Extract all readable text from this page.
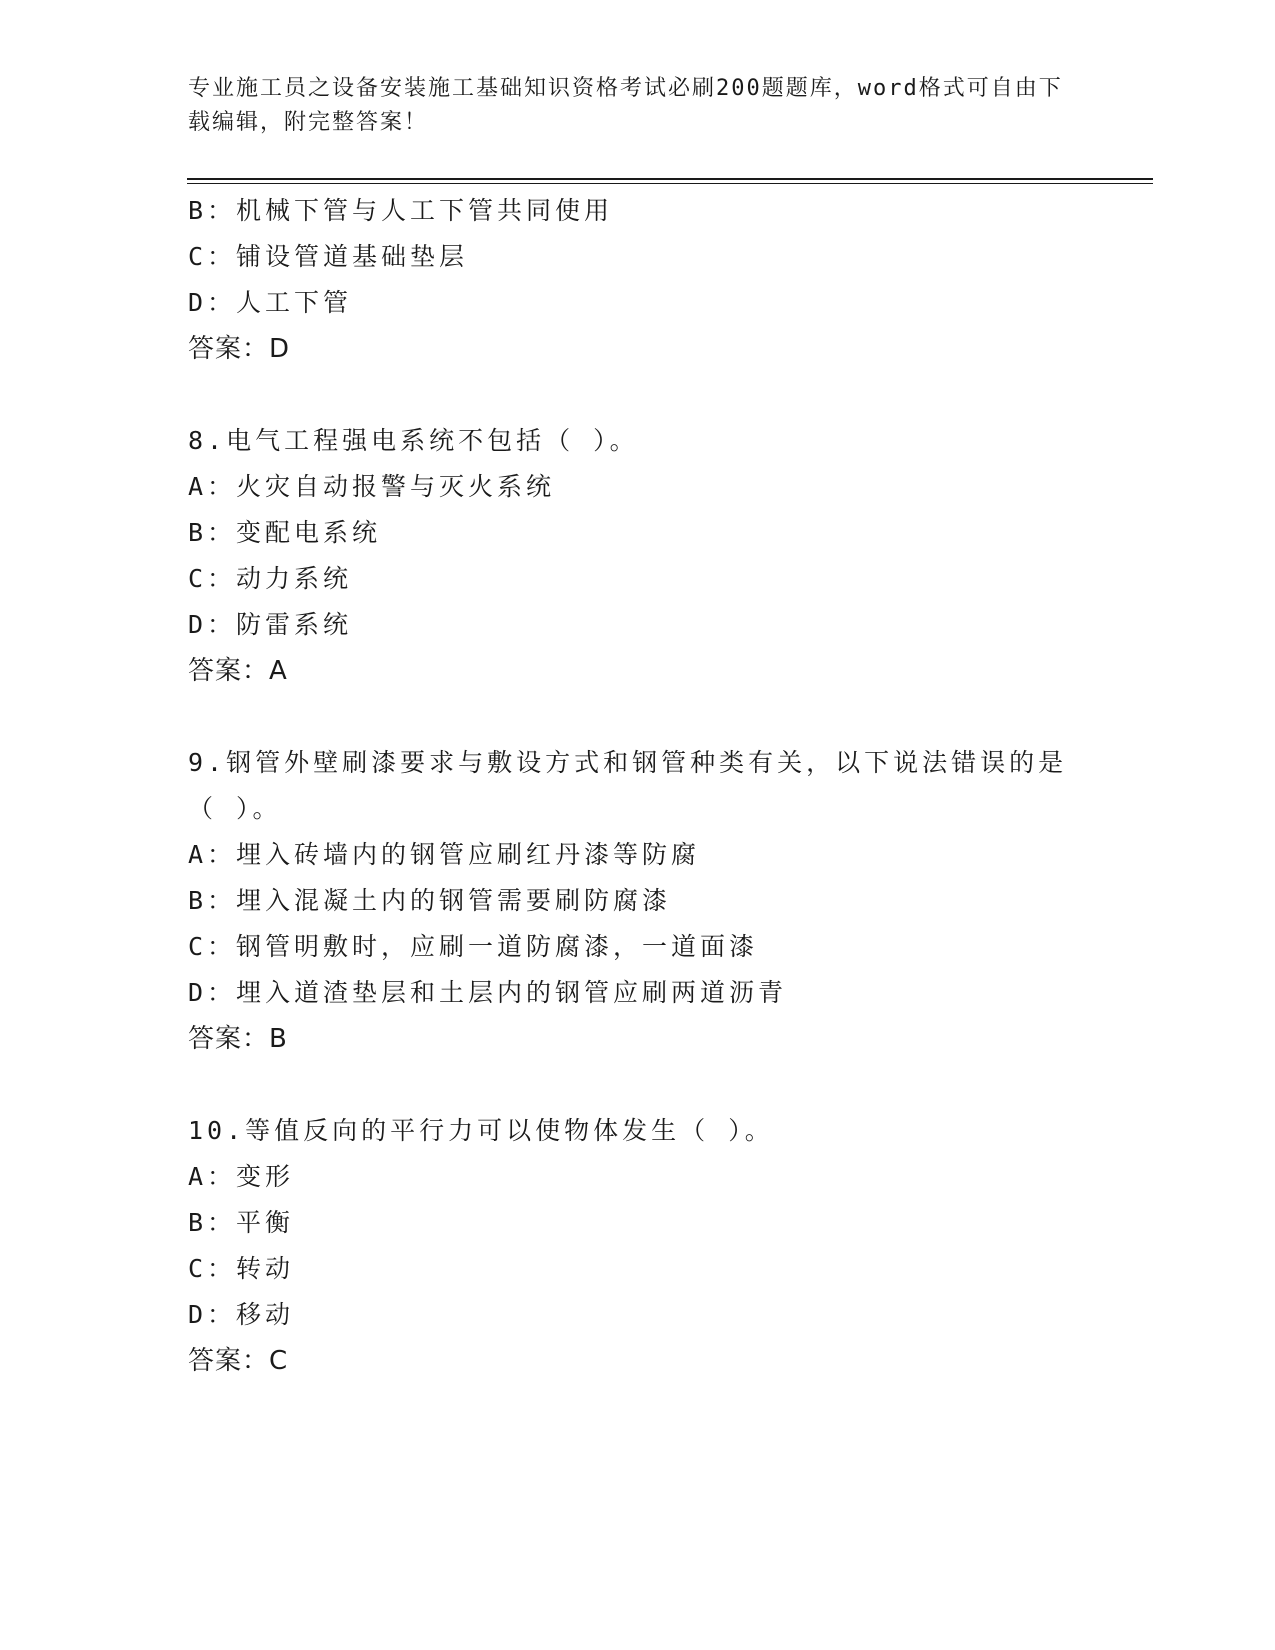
专业施工员之设备安装施工基础知识资格考试必刷200题题库，word格式可自由下载编辑，附完整答案！
B：机械下管与人工下管共同使用
C：铺设管道基础垫层
D：人工下管
答案：D
8.电气工程强电系统不包括（ ）。
A：火灾自动报警与灭火系统
B：变配电系统
C：动力系统
D：防雷系统
答案：A
9.钢管外壁刷漆要求与敷设方式和钢管种类有关，以下说法错误的是（ ）。
A：埋入砖墙内的钢管应刷红丹漆等防腐
B：埋入混凝土内的钢管需要刷防腐漆
C：钢管明敷时，应刷一道防腐漆，一道面漆
D：埋入道渣垫层和土层内的钢管应刷两道沥青
答案：B
10.等值反向的平行力可以使物体发生（ ）。
A：变形
B：平衡
C：转动
D：移动
答案：C
